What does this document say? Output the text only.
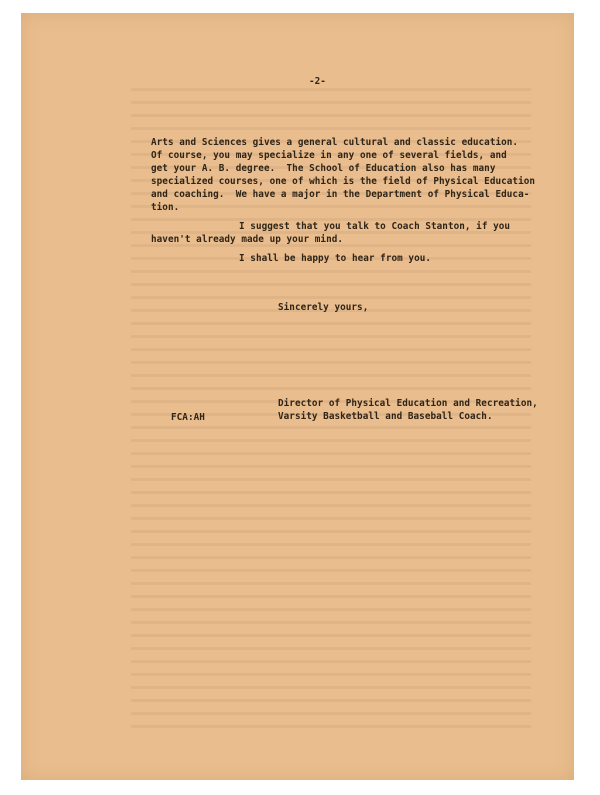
-2-
Arts and Sciences gives a general cultural and classic education.
Of course, you may specialize in any one of several fields, and
get your A. B. degree.  The School of Education also has many
specialized courses, one of which is the field of Physical Education
and coaching.  We have a major in the Department of Physical Educa-
tion.
I suggest that you talk to Coach Stanton, if you
haven't already made up your mind.
I shall be happy to hear from you.
Sincerely yours,
FCA:AH
Director of Physical Education and Recreation,
Varsity Basketball and Baseball Coach.
